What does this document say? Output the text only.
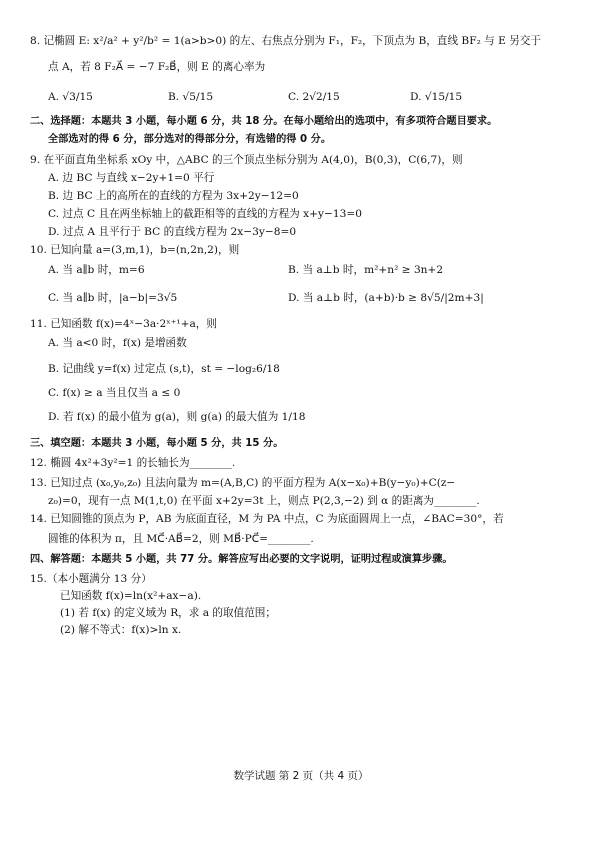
8. 记椭圆 E: x²/a² + y²/b² = 1(a>b>0) 的左、右焦点分别为 F₁，F₂，下顶点为 B，直线 BF₂ 与 E 另交于
点 A，若 8 F₂A⃗ = −7 F₂B⃗，则 E 的离心率为
A. √3/15	B. √5/15	C. 2√2/15	D. √15/15
二、选择题：本题共 3 小题，每小题 6 分，共 18 分。在每小题给出的选项中，有多项符合题目要求。
全部选对的得 6 分，部分选对的得部分分，有选错的得 0 分。
9. 在平面直角坐标系 xOy 中，△ABC 的三个顶点坐标分别为 A(4,0)，B(0,3)，C(6,7)，则
A. 边 BC 与直线 x−2y+1=0 平行
B. 边 BC 上的高所在的直线的方程为 3x+2y−12=0
C. 过点 C 且在两坐标轴上的截距相等的直线的方程为 x+y−13=0
D. 过点 A 且平行于 BC 的直线方程为 2x−3y−8=0
10. 已知向量 a=(3,m,1)，b=(n,2n,2)，则
A. 当 a∥b 时，m=6	B. 当 a⊥b 时，m²+n² ≥ 3n+2
C. 当 a∥b 时，|a−b|=3√5	D. 当 a⊥b 时，(a+b)·b ≥ 8√5/|2m+3|
11. 已知函数 f(x)=4ˣ−3a·2ˣ⁺¹+a，则
A. 当 a<0 时，f(x) 是增函数
B. 记曲线 y=f(x) 过定点 (s,t)，st = −log₂6/18
C. f(x) ≥ a 当且仅当 a ≤ 0
D. 若 f(x) 的最小值为 g(a)，则 g(a) 的最大值为 1/18
三、填空题：本题共 3 小题，每小题 5 分，共 15 分。
12. 椭圆 4x²+3y²=1 的长轴长为________.
13. 已知过点 (x₀,y₀,z₀) 且法向量为 m=(A,B,C) 的平面方程为 A(x−x₀)+B(y−y₀)+C(z−
z₀)=0，现有一点 M(1,t,0) 在平面 x+2y=3t 上，则点 P(2,3,−2) 到 α 的距离为________.
14. 已知圆锥的顶点为 P，AB 为底面直径，M 为 PA 中点，C 为底面圆周上一点，∠BAC=30°，若
圆锥的体积为 π，且 MC⃗·AB⃗=2，则 MB⃗·PC⃗=________.
四、解答题：本题共 5 小题，共 77 分。解答应写出必要的文字说明，证明过程或演算步骤。
15.（本小题满分 13 分）
已知函数 f(x)=ln(x²+ax−a).
(1) 若 f(x) 的定义域为 R，求 a 的取值范围；
(2) 解不等式：f(x)>ln x.
数学试题 第 2 页（共 4 页）
